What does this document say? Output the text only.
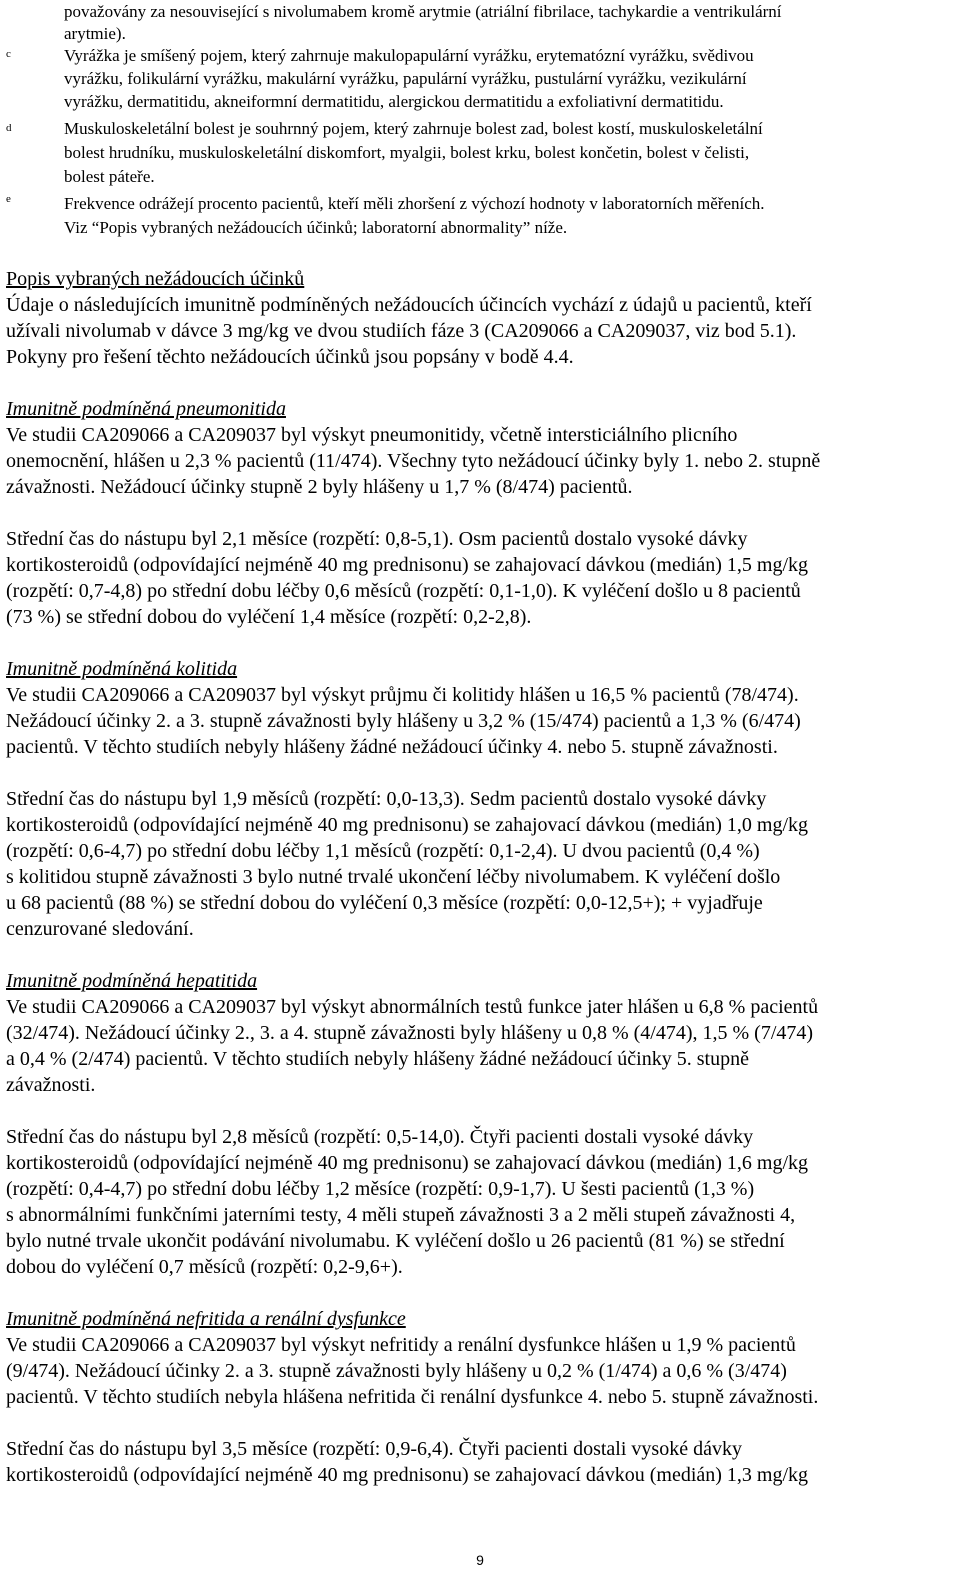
považovány za nesouvisející s nivolumabem kromě arytmie (atriální fibrilace, tachykardie a ventrikulární
arytmie).
c	Vyrážka je smíšený pojem, který zahrnuje makulopapulární vyrážku, erytematózní vyrážku, svědivou
vyrážku, folikulární vyrážku, makulární vyrážku, papulární vyrážku, pustulární vyrážku, vezikulární
vyrážku, dermatitidu, akneiformní dermatitidu, alergickou dermatitidu a exfoliativní dermatitidu.
d	Muskuloskeletální bolest je souhrnný pojem, který zahrnuje bolest zad, bolest kostí, muskuloskeletální
bolest hrudníku, muskuloskeletální diskomfort, myalgii, bolest krku, bolest končetin, bolest v čelisti,
bolest páteře.
e	Frekvence odrážejí procento pacientů, kteří měli zhoršení z výchozí hodnoty v laboratorních měřeních.
Viz “Popis vybraných nežádoucích účinků; laboratorní abnormality” níže.

Popis vybraných nežádoucích účinků

Údaje o následujících imunitně podmíněných nežádoucích účincích vychází z údajů u pacientů, kteří
užívali nivolumab v dávce 3 mg/kg ve dvou studiích fáze 3 (CA209066 a CA209037, viz bod 5.1).
Pokyny pro řešení těchto nežádoucích účinků jsou popsány v bodě 4.4.

Imunitně podmíněná pneumonitida

Ve studii CA209066 a CA209037 byl výskyt pneumonitidy, včetně intersticiálního plicního
onemocnění, hlášen u 2,3 % pacientů (11/474). Všechny tyto nežádoucí účinky byly 1. nebo 2. stupně
závažnosti. Nežádoucí účinky stupně 2 byly hlášeny u 1,7 % (8/474) pacientů.

Střední čas do nástupu byl 2,1 měsíce (rozpětí: 0,8-5,1). Osm pacientů dostalo vysoké dávky
kortikosteroidů (odpovídající nejméně 40 mg prednisonu) se zahajovací dávkou (medián) 1,5 mg/kg
(rozpětí: 0,7-4,8) po střední dobu léčby 0,6 měsíců (rozpětí: 0,1-1,0). K vyléčení došlo u 8 pacientů
(73 %) se střední dobou do vyléčení 1,4 měsíce (rozpětí: 0,2-2,8).

Imunitně podmíněná kolitida

Ve studii CA209066 a CA209037 byl výskyt průjmu či kolitidy hlášen u 16,5 % pacientů (78/474).
Nežádoucí účinky 2. a 3. stupně závažnosti byly hlášeny u 3,2 % (15/474) pacientů a 1,3 % (6/474)
pacientů. V těchto studiích nebyly hlášeny žádné nežádoucí účinky 4. nebo 5. stupně závažnosti.

Střední čas do nástupu byl 1,9 měsíců (rozpětí: 0,0-13,3). Sedm pacientů dostalo vysoké dávky
kortikosteroidů (odpovídající nejméně 40 mg prednisonu) se zahajovací dávkou (medián) 1,0 mg/kg
(rozpětí: 0,6-4,7) po střední dobu léčby 1,1 měsíců (rozpětí: 0,1-2,4). U dvou pacientů (0,4 %)
s kolitidou stupně závažnosti 3 bylo nutné trvalé ukončení léčby nivolumabem. K vyléčení došlo
u 68 pacientů (88 %) se střední dobou do vyléčení 0,3 měsíce (rozpětí: 0,0-12,5+); + vyjadřuje
cenzurované sledování.

Imunitně podmíněná hepatitida

Ve studii CA209066 a CA209037 byl výskyt abnormálních testů funkce jater hlášen u 6,8 % pacientů
(32/474). Nežádoucí účinky 2., 3. a 4. stupně závažnosti byly hlášeny u 0,8 % (4/474), 1,5 % (7/474)
a 0,4 % (2/474) pacientů. V těchto studiích nebyly hlášeny žádné nežádoucí účinky 5. stupně
závažnosti.

Střední čas do nástupu byl 2,8 měsíců (rozpětí: 0,5-14,0). Čtyři pacienti dostali vysoké dávky
kortikosteroidů (odpovídající nejméně 40 mg prednisonu) se zahajovací dávkou (medián) 1,6 mg/kg
(rozpětí: 0,4-4,7) po střední dobu léčby 1,2 měsíce (rozpětí: 0,9-1,7). U šesti pacientů (1,3 %)
s abnormálními funkčními jaterními testy, 4 měli stupeň závažnosti 3 a 2 měli stupeň závažnosti 4,
bylo nutné trvale ukončit podávání nivolumabu. K vyléčení došlo u 26 pacientů (81 %) se střední
dobou do vyléčení 0,7 měsíců (rozpětí: 0,2-9,6+).

Imunitně podmíněná nefritida a renální dysfunkce

Ve studii CA209066 a CA209037 byl výskyt nefritidy a renální dysfunkce hlášen u 1,9 % pacientů
(9/474). Nežádoucí účinky 2. a 3. stupně závažnosti byly hlášeny u 0,2 % (1/474) a 0,6 % (3/474)
pacientů. V těchto studiích nebyla hlášena nefritida či renální dysfunkce 4. nebo 5. stupně závažnosti.

Střední čas do nástupu byl 3,5 měsíce (rozpětí: 0,9-6,4). Čtyři pacienti dostali vysoké dávky
kortikosteroidů (odpovídající nejméně 40 mg prednisonu) se zahajovací dávkou (medián) 1,3 mg/kg

9
